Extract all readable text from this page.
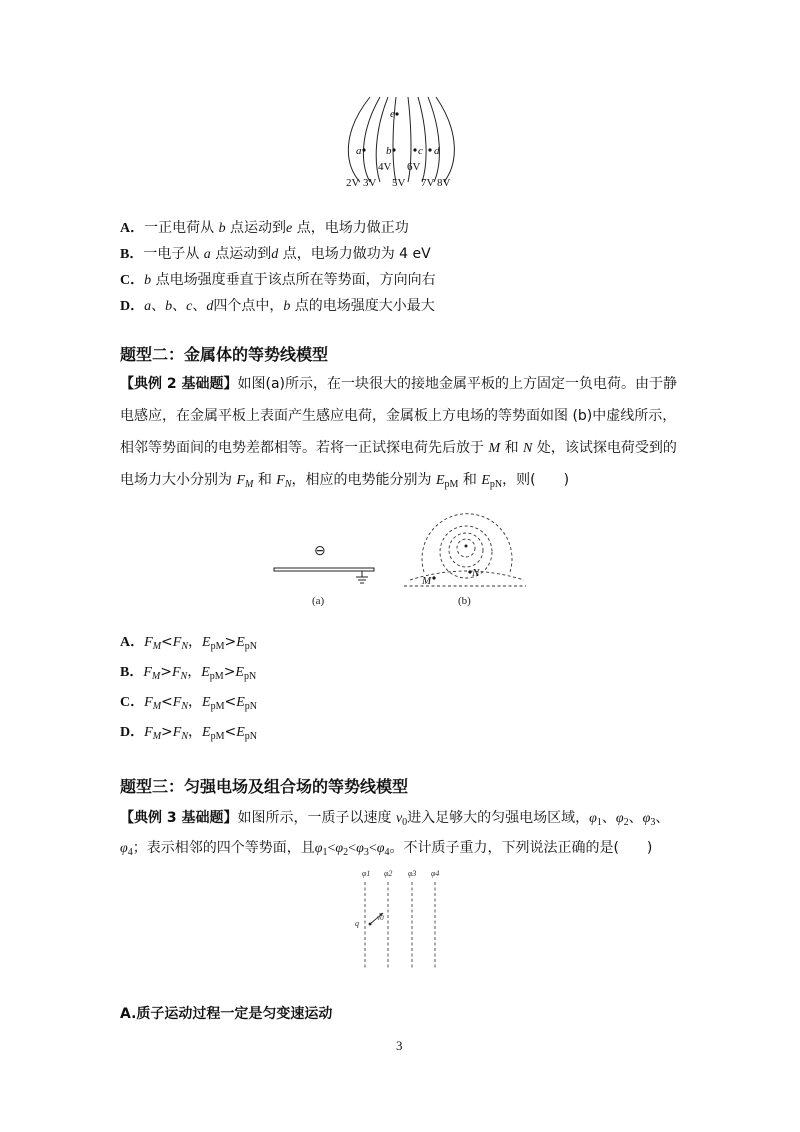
e
a b c d
4V 6V
2V 3V 5V 7V 8V
A．一正电荷从 b 点运动到e 点，电场力做正功
B．一电子从 a 点运动到d 点，电场力做功为 4 eV
C．b 点电场强度垂直于该点所在等势面，方向向右
D．a、b、c、d四个点中，b 点的电场强度大小最大
题型二：金属体的等势线模型
【典例 2 基础题】如图(a)所示，在一块很大的接地金属平板的上方固定一负电荷。由于静
电感应，在金属平板上表面产生感应电荷，金属板上方电场的等势面如图 (b)中虚线所示，
相邻等势面间的电势差都相等。若将一正试探电荷先后放于 M 和 N 处，该试探电荷受到的
电场力大小分别为 $F_M$ 和 $F_N$，相应的电势能分别为 $E_{pM}$ 和 $E_{pN}$，则(　　)
⊖
(a)
M
N
(b)
A．$F_M<F_N$，$E_{pM}>E_{pN}$
B．$F_M>F_N$，$E_{pM}>E_{pN}$
C．$F_M<F_N$，$E_{pM}<E_{pN}$
D．$F_M>F_N$，$E_{pM}<E_{pN}$
题型三：匀强电场及组合场的等势线模型
【典例 3 基础题】如图所示，一质子以速度 $v_0$进入足够大的匀强电场区域，$\varphi_1$、$\varphi_2$、$\varphi_3$、
$\varphi_4$；表示相邻的四个等势面，且$\varphi_1<\varphi_2<\varphi_3<\varphi_4$。不计质子重力，下列说法正确的是(　　)
φ1 φ2 φ3 φ4
q
v0
A.质子运动过程一定是匀变速运动
3
